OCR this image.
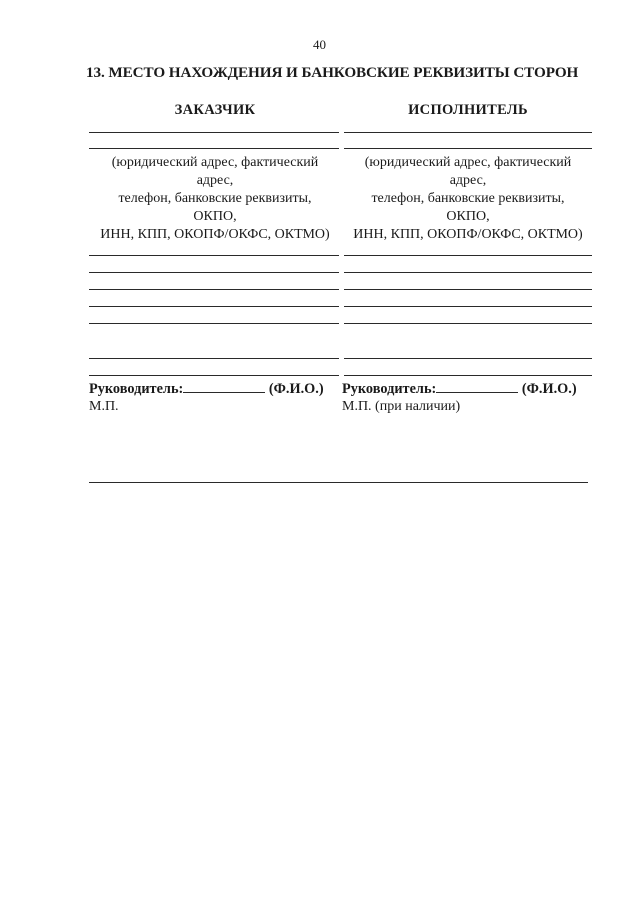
40
13. МЕСТО НАХОЖДЕНИЯ И БАНКОВСКИЕ РЕКВИЗИТЫ СТОРОН
ЗАКАЗЧИК
(юридический адрес, фактический
адрес,
телефон, банковские реквизиты,
ОКПО,
ИНН, КПП, ОКОПФ/ОКФС, ОКТМО)
Руководитель:	(Ф.И.О.)
М.П.
ИСПОЛНИТЕЛЬ
(юридический адрес, фактический
адрес,
телефон, банковские реквизиты,
ОКПО,
ИНН, КПП, ОКОПФ/ОКФС, ОКТМО)
Руководитель:	(Ф.И.О.)
М.П. (при наличии)
